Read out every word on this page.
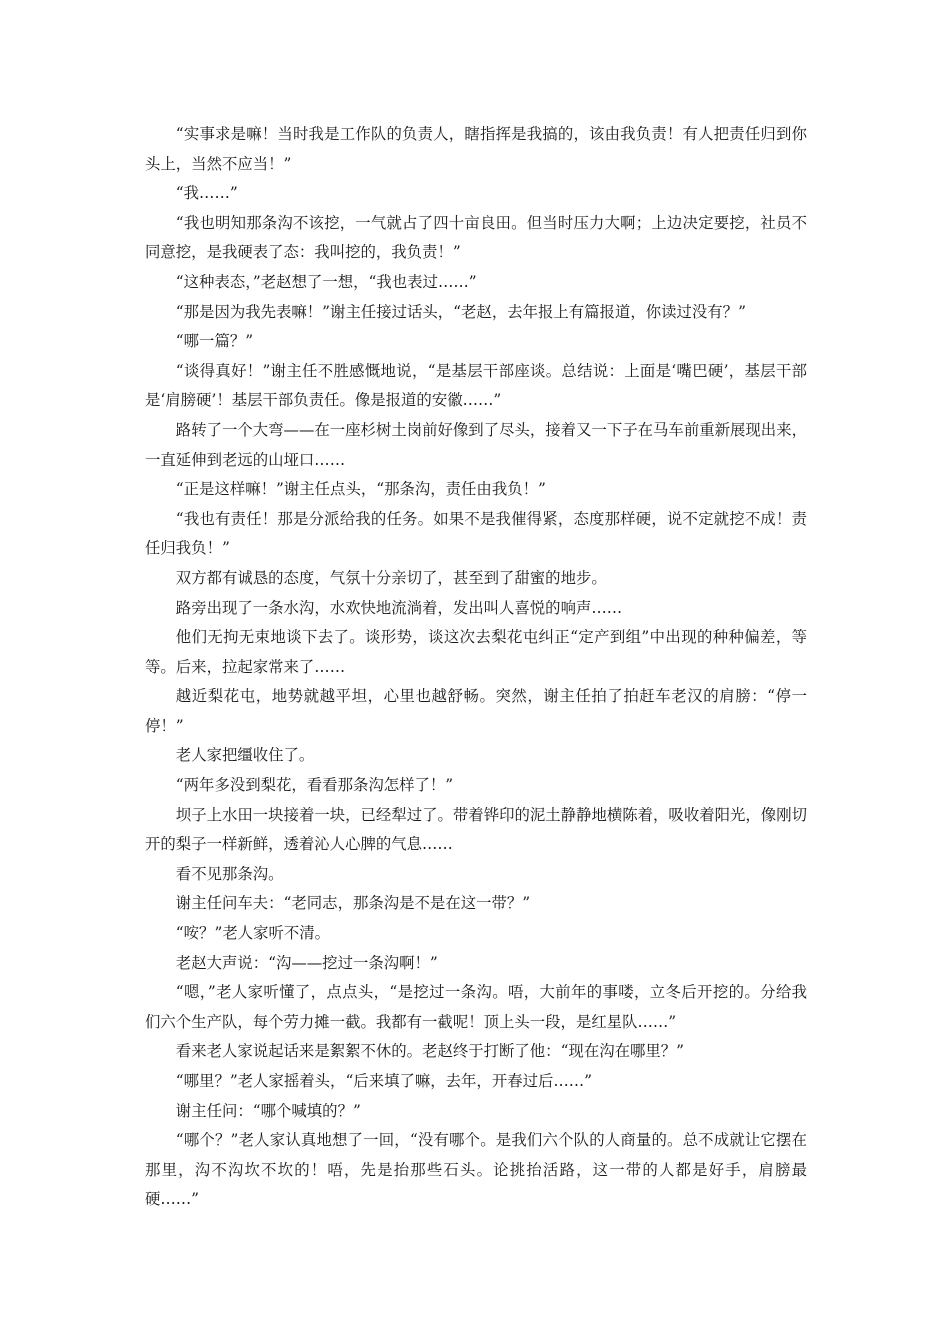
“实事求是嘛！当时我是工作队的负责人，瞎指挥是我搞的，该由我负责！有人把责任归到你头上，当然不应当！”

“我……”

“我也明知那条沟不该挖，一气就占了四十亩良田。但当时压力大啊；上边决定要挖，社员不同意挖，是我硬表了态：我叫挖的，我负责！”

“这种表态，”老赵想了一想，“我也表过……”

“那是因为我先表嘛！”谢主任接过话头，“老赵，去年报上有篇报道，你读过没有？”

“哪一篇？”

“谈得真好！”谢主任不胜感慨地说，“是基层干部座谈。总结说：上面是‘嘴巴硬’，基层干部是‘肩膀硬’！基层干部负责任。像是报道的安徽……”

路转了一个大弯——在一座杉树土岗前好像到了尽头，接着又一下子在马车前重新展现出来，一直延伸到老远的山垭口……

“正是这样嘛！”谢主任点头，“那条沟，责任由我负！”

“我也有责任！那是分派给我的任务。如果不是我催得紧，态度那样硬，说不定就挖不成！责任归我负！”

双方都有诚恳的态度，气氛十分亲切了，甚至到了甜蜜的地步。

路旁出现了一条水沟，水欢快地流淌着，发出叫人喜悦的响声……

他们无拘无束地谈下去了。谈形势，谈这次去梨花屯纠正“定产到组”中出现的种种偏差，等等。后来，拉起家常来了……

越近梨花屯，地势就越平坦，心里也越舒畅。突然，谢主任拍了拍赶车老汉的肩膀：“停一停！”

老人家把缰收住了。

“两年多没到梨花，看看那条沟怎样了！”

坝子上水田一块接着一块，已经犁过了。带着铧印的泥土静静地横陈着，吸收着阳光，像刚切开的梨子一样新鲜，透着沁人心脾的气息……

看不见那条沟。

谢主任问车夫：“老同志，那条沟是不是在这一带？”

“咹？”老人家听不清。

老赵大声说：“沟——挖过一条沟啊！”

“嗯，”老人家听懂了，点点头，“是挖过一条沟。唔，大前年的事喽，立冬后开挖的。分给我们六个生产队，每个劳力摊一截。我都有一截呢！顶上头一段，是红星队……”

看来老人家说起话来是絮絮不休的。老赵终于打断了他：“现在沟在哪里？”

“哪里？”老人家摇着头，“后来填了嘛，去年，开春过后……”

谢主任问：“哪个喊填的？”

“哪个？”老人家认真地想了一回，“没有哪个。是我们六个队的人商量的。总不成就让它摆在那里，沟不沟坎不坎的！唔，先是抬那些石头。论挑抬活路，这一带的人都是好手，肩膀最硬……”
